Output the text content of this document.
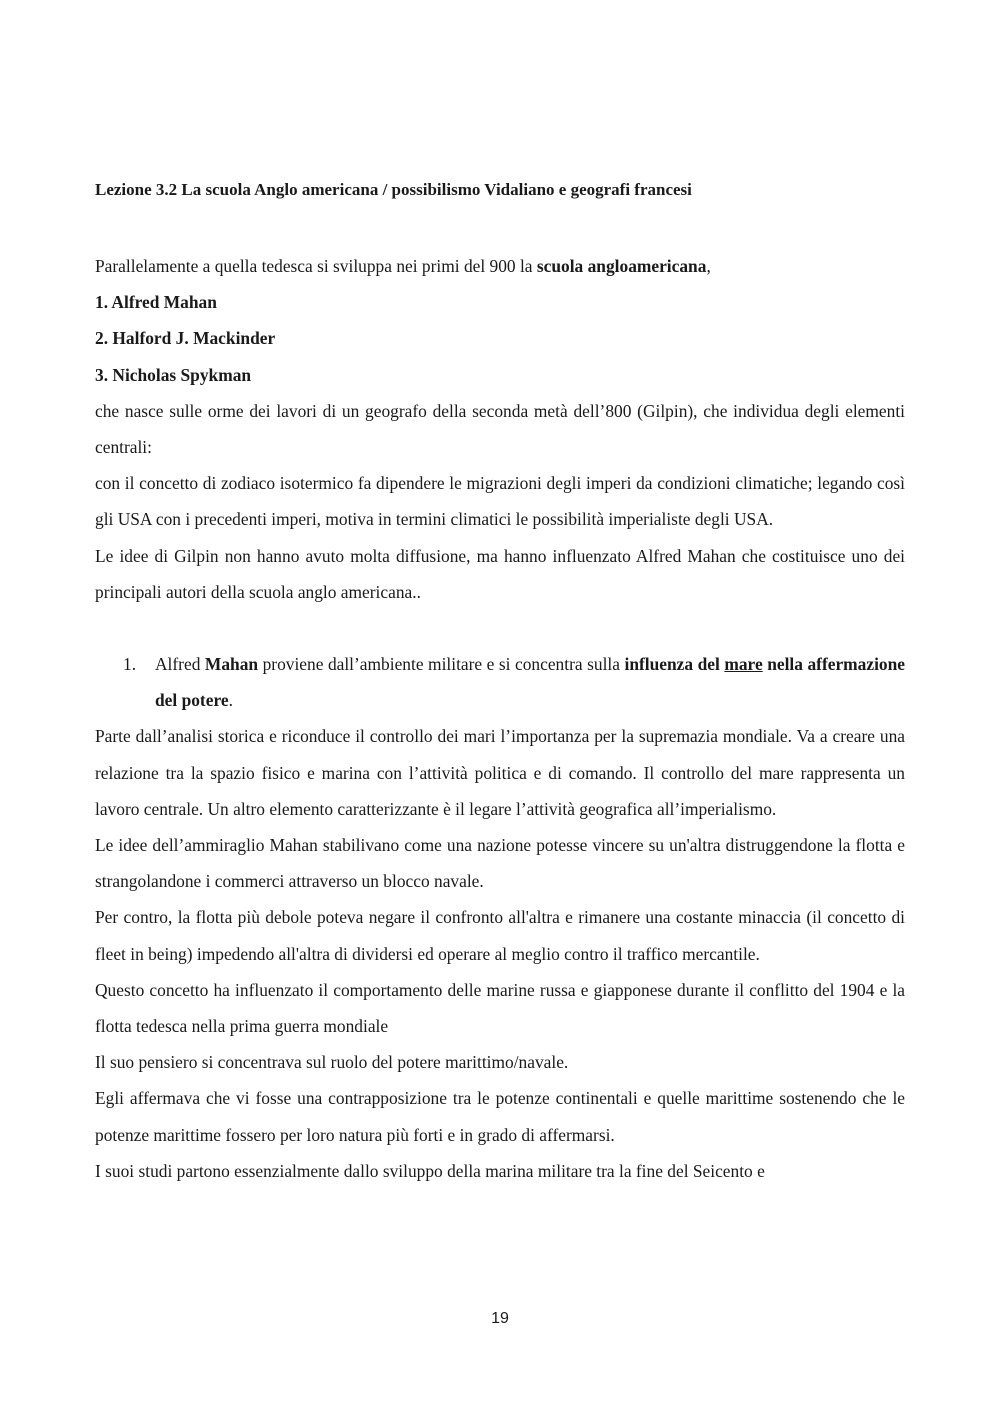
Lezione 3.2 La scuola Anglo americana / possibilismo Vidaliano e geografi francesi

Parallelamente a quella tedesca si sviluppa nei primi del 900 la scuola angloamericana,

1. Alfred Mahan
2. Halford J. Mackinder
3. Nicholas Spykman

che nasce sulle orme dei lavori di un geografo della seconda metà dell’800 (Gilpin), che individua degli elementi centrali:

con il concetto di zodiaco isotermico fa dipendere le migrazioni degli imperi da condizioni climatiche; legando così gli USA con i precedenti imperi, motiva in termini climatici le possibilità imperialiste degli USA.

Le idee di Gilpin non hanno avuto molta diffusione, ma hanno influenzato Alfred Mahan che costituisce uno dei principali autori della scuola anglo americana..

1. Alfred Mahan proviene dall’ambiente militare e si concentra sulla influenza del mare nella affermazione del potere.

Parte dall’analisi storica e riconduce il controllo dei mari l’importanza per la supremazia mondiale. Va a creare una relazione tra la spazio fisico e marina con l’attività politica e di comando. Il controllo del mare rappresenta un lavoro centrale. Un altro elemento caratterizzante è il legare l’attività geografica all’imperialismo.

Le idee dell’ammiraglio Mahan stabilivano come una nazione potesse vincere su un'altra distruggendone la flotta e strangolandone i commerci attraverso un blocco navale.

Per contro, la flotta più debole poteva negare il confronto all'altra e rimanere una costante minaccia (il concetto di fleet in being) impedendo all'altra di dividersi ed operare al meglio contro il traffico mercantile.

Questo concetto ha influenzato il comportamento delle marine russa e giapponese durante il conflitto del 1904 e la flotta tedesca nella prima guerra mondiale

Il suo pensiero si concentrava sul ruolo del potere marittimo/navale.

Egli affermava che vi fosse una contrapposizione tra le potenze continentali e quelle marittime sostenendo che le potenze marittime fossero per loro natura più forti e in grado di affermarsi.

I suoi studi partono essenzialmente dallo sviluppo della marina militare tra la fine del Seicento e

19
